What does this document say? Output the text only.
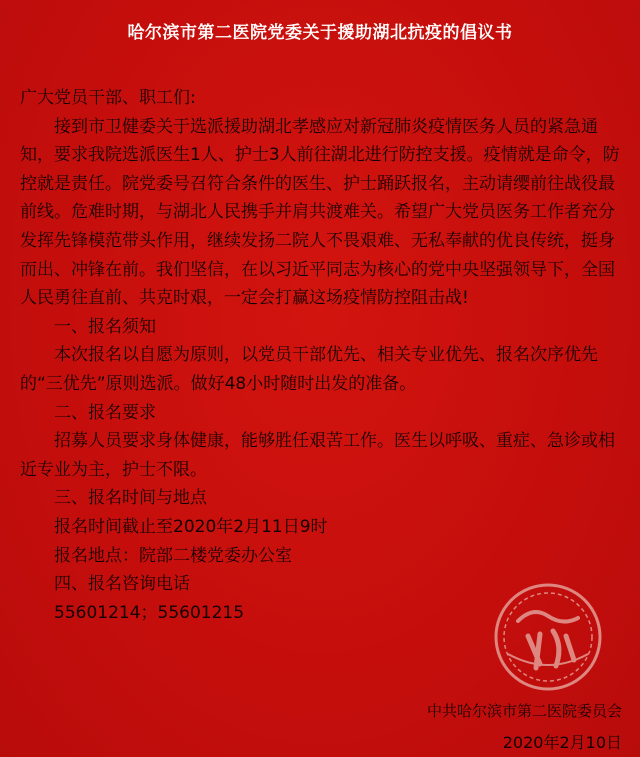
哈尔滨市第二医院党委关于援助湖北抗疫的倡议书

广大党员干部、职工们:

接到市卫健委关于选派援助湖北孝感应对新冠肺炎疫情医务人员的紧急通知，要求我院选派医生1人、护士3人前往湖北进行防控支援。疫情就是命令，防控就是责任。院党委号召符合条件的医生、护士踊跃报名，主动请缨前往战役最前线。危难时期，与湖北人民携手并肩共渡难关。希望广大党员医务工作者充分发挥先锋模范带头作用，继续发扬二院人不畏艰难、无私奉献的优良传统，挺身而出、冲锋在前。我们坚信，在以习近平同志为核心的党中央坚强领导下，全国人民勇往直前、共克时艰，一定会打赢这场疫情防控阻击战!

一、报名须知

本次报名以自愿为原则，以党员干部优先、相关专业优先、报名次序优先的“三优先”原则选派。做好48小时随时出发的准备。

二、报名要求

招募人员要求身体健康，能够胜任艰苦工作。医生以呼吸、重症、急诊或相近专业为主，护士不限。

三、报名时间与地点

报名时间截止至2020年2月11日9时

报名地点：院部二楼党委办公室

四、报名咨询电话

55601214；55601215

中共哈尔滨市第二医院委员会
2020年2月10日
